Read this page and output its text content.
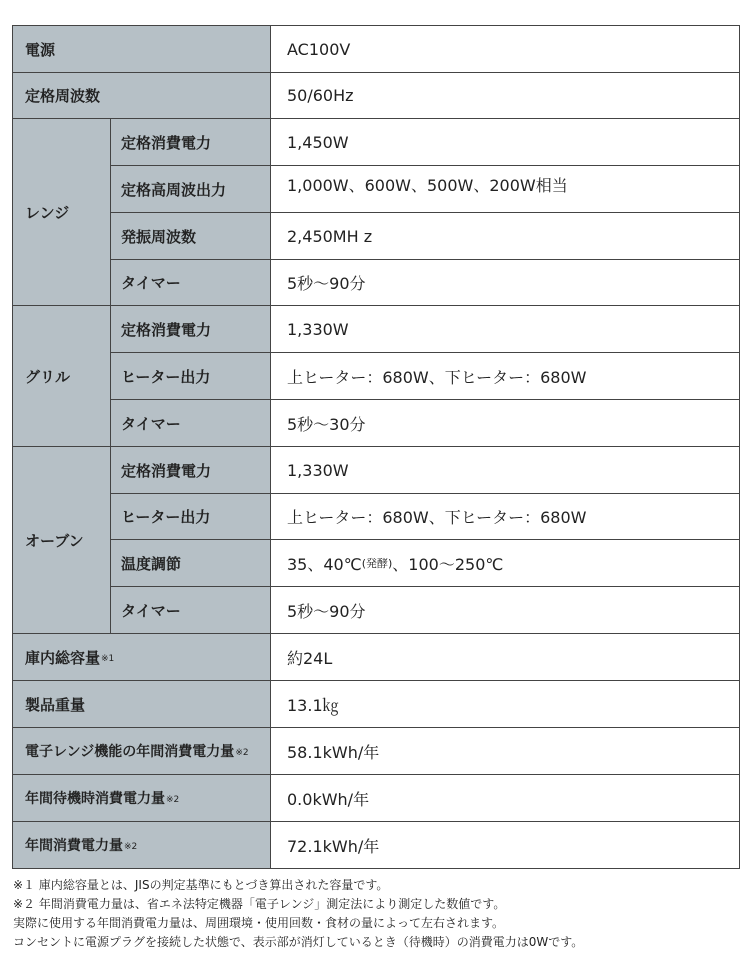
電源	AC100V
定格周波数	50/60Hz
レンジ
定格消費電力	1,450W
定格高周波出力	1,000W、600W、500W、200W相当
発振周波数	2,450MH z
タイマー	5秒～90分
グリル
定格消費電力	1,330W
ヒーター出力	上ヒーター：680W、下ヒーター：680W
タイマー	5秒～30分
オーブン
定格消費電力	1,330W
ヒーター出力	上ヒーター：680W、下ヒーター：680W
温度調節	35、40℃ (発酵) 、100～250℃
タイマー	5秒～90分
庫内総容量 ※1	約24L
製品重量	13.1㎏
電子レンジ機能の年間消費電力量 ※2	58.1kWh/年
年間待機時消費電力量 ※2	0.0kWh/年
年間消費電力量 ※2	72.1kWh/年
※１ 庫内総容量とは、JISの判定基準にもとづき算出された容量です。
※２ 年間消費電力量は、省エネ法特定機器「電子レンジ」測定法により測定した数値です。
実際に使用する年間消費電力量は、周囲環境・使用回数・食材の量によって左右されます。
コンセントに電源プラグを接続した状態で、表示部が消灯しているとき（待機時）の消費電力は0Wです。
